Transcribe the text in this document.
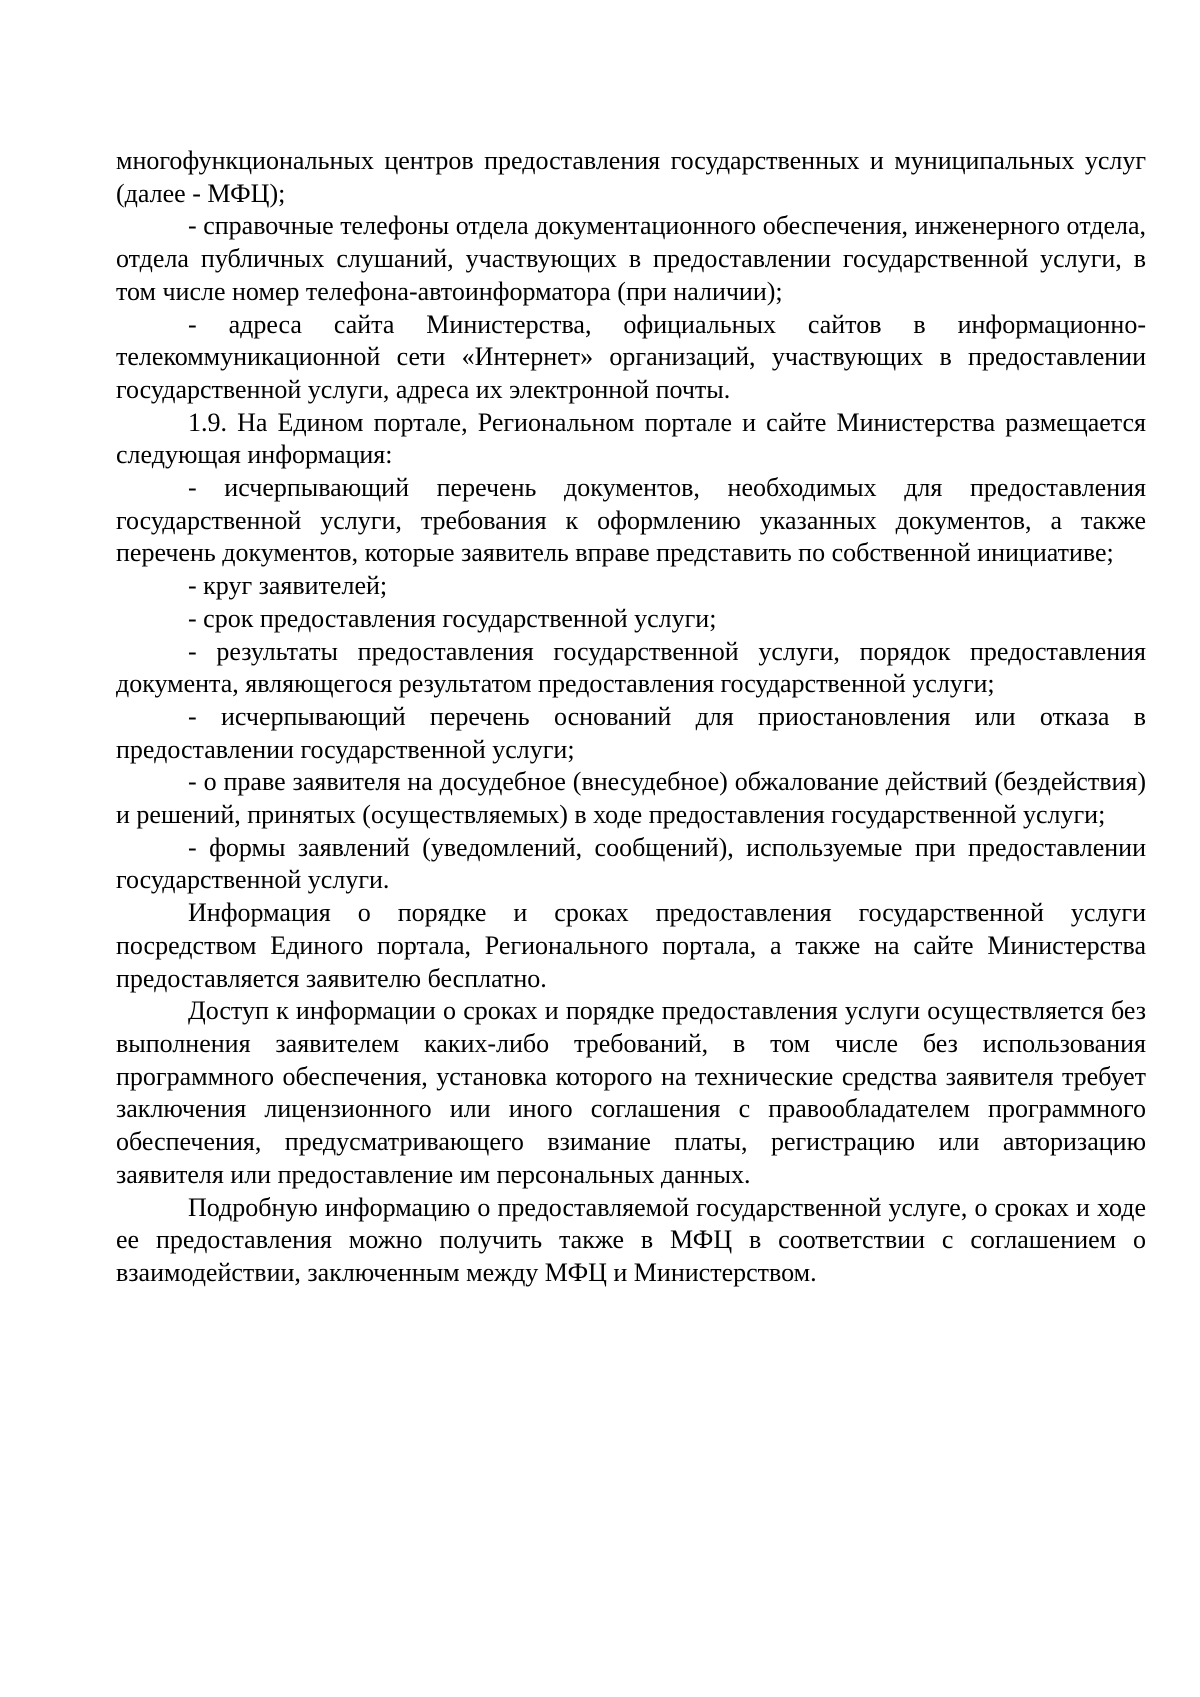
многофункциональных центров предоставления государственных и муниципальных услуг (далее - МФЦ);

- справочные телефоны отдела документационного обеспечения, инженерного отдела, отдела публичных слушаний, участвующих в предоставлении государственной услуги, в том числе номер телефона-автоинформатора (при наличии);

- адреса сайта Министерства, официальных сайтов в информационно-телекоммуникационной сети «Интернет» организаций, участвующих в предоставлении государственной услуги, адреса их электронной почты.

1.9. На Едином портале, Региональном портале и сайте Министерства размещается следующая информация:

- исчерпывающий перечень документов, необходимых для предоставления государственной услуги, требования к оформлению указанных документов, а также перечень документов, которые заявитель вправе представить по собственной инициативе;

- круг заявителей;

- срок предоставления государственной услуги;

- результаты предоставления государственной услуги, порядок предоставления документа, являющегося результатом предоставления государственной услуги;

- исчерпывающий перечень оснований для приостановления или отказа в предоставлении государственной услуги;

- о праве заявителя на досудебное (внесудебное) обжалование действий (бездействия) и решений, принятых (осуществляемых) в ходе предоставления государственной услуги;

- формы заявлений (уведомлений, сообщений), используемые при предоставлении государственной услуги.

Информация о порядке и сроках предоставления государственной услуги посредством Единого портала, Регионального портала, а также на сайте Министерства предоставляется заявителю бесплатно.

Доступ к информации о сроках и порядке предоставления услуги осуществляется без выполнения заявителем каких-либо требований, в том числе без использования программного обеспечения, установка которого на технические средства заявителя требует заключения лицензионного или иного соглашения с правообладателем программного обеспечения, предусматривающего взимание платы, регистрацию или авторизацию заявителя или предоставление им персональных данных.

Подробную информацию о предоставляемой государственной услуге, о сроках и ходе ее предоставления можно получить также в МФЦ в соответствии с соглашением о взаимодействии, заключенным между МФЦ и Министерством.
